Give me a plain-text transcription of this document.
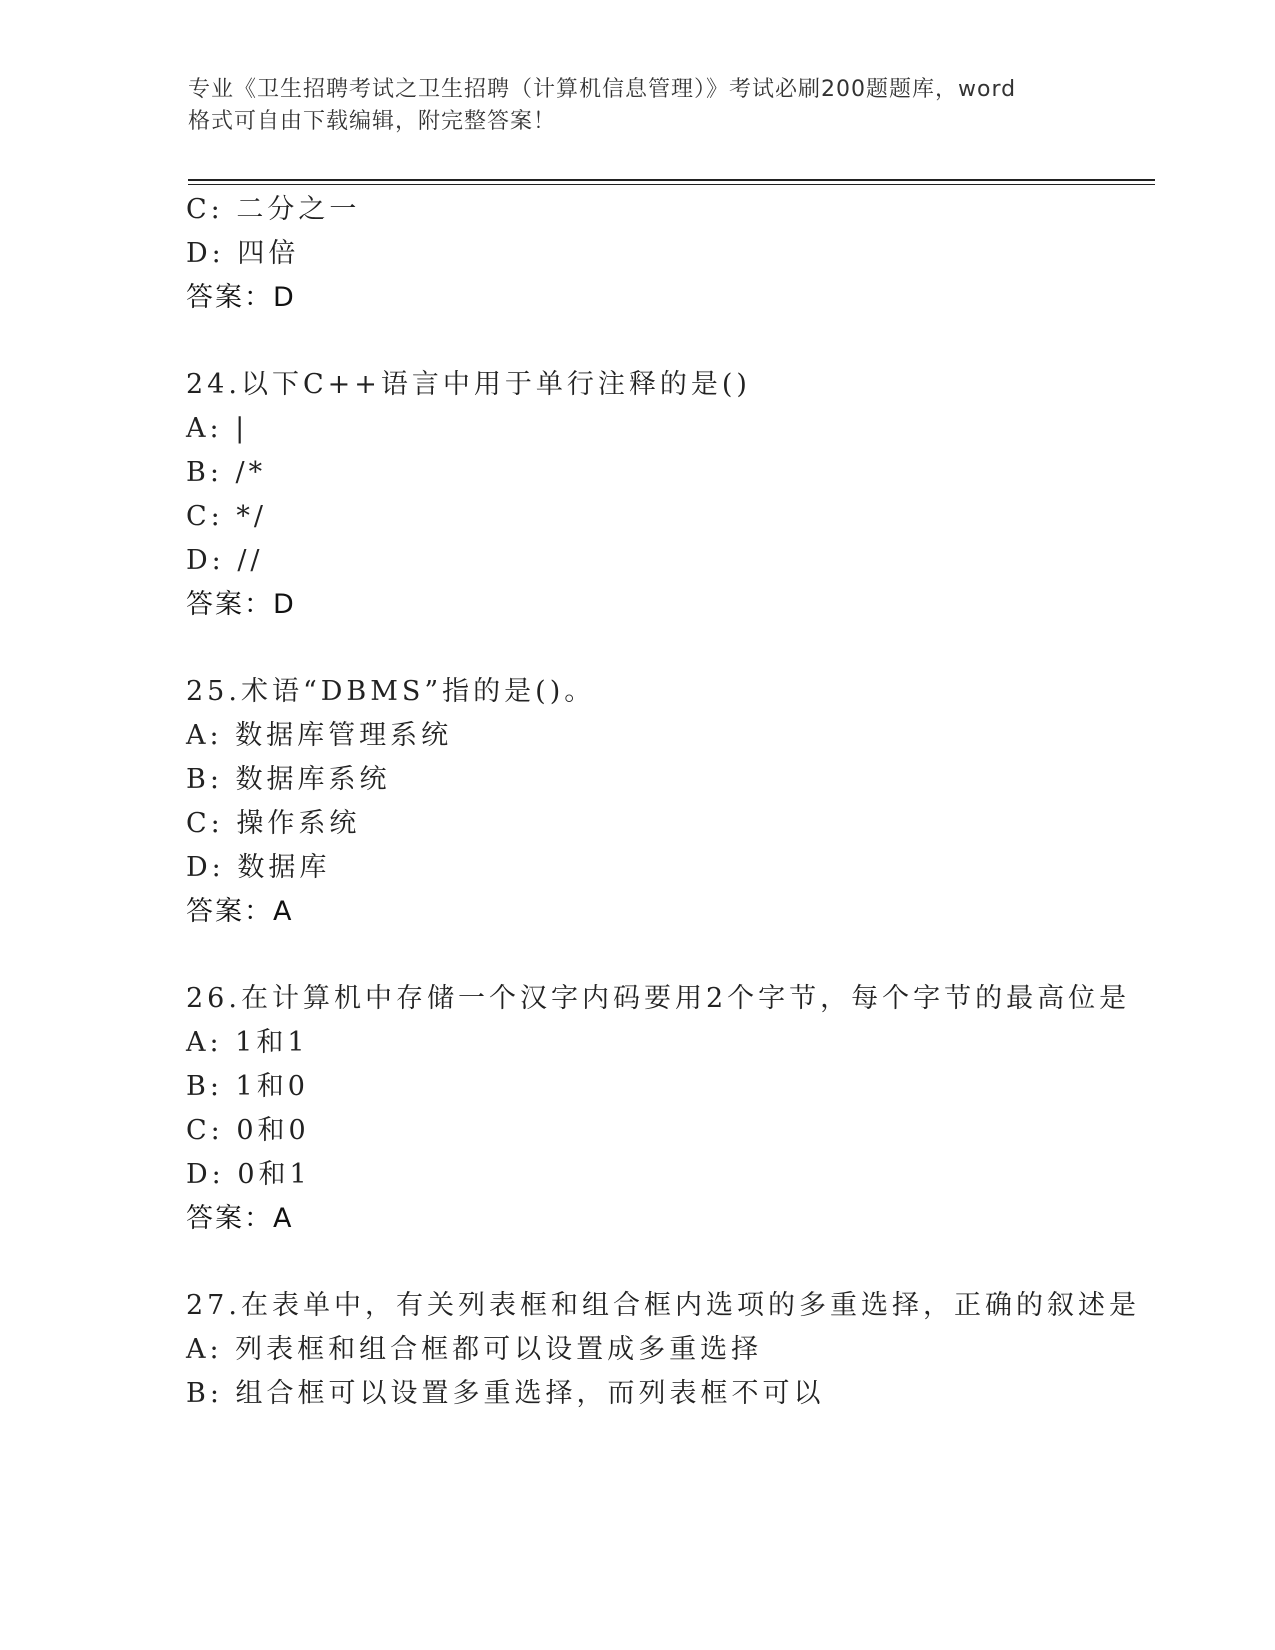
专业《卫生招聘考试之卫生招聘（计算机信息管理）》考试必刷200题题库，word
格式可自由下载编辑，附完整答案！
C: 二分之一
D: 四倍
答案：D
24.以下C++语言中用于单行注释的是()
A: |
B: /*
C: */
D: //
答案：D
25.术语“DBMS”指的是()。
A: 数据库管理系统
B: 数据库系统
C: 操作系统
D: 数据库
答案：A
26.在计算机中存储一个汉字内码要用2个字节，每个字节的最高位是
A: 1和1
B: 1和0
C: 0和0
D: 0和1
答案：A
27.在表单中，有关列表框和组合框内选项的多重选择，正确的叙述是
A: 列表框和组合框都可以设置成多重选择
B: 组合框可以设置多重选择，而列表框不可以
